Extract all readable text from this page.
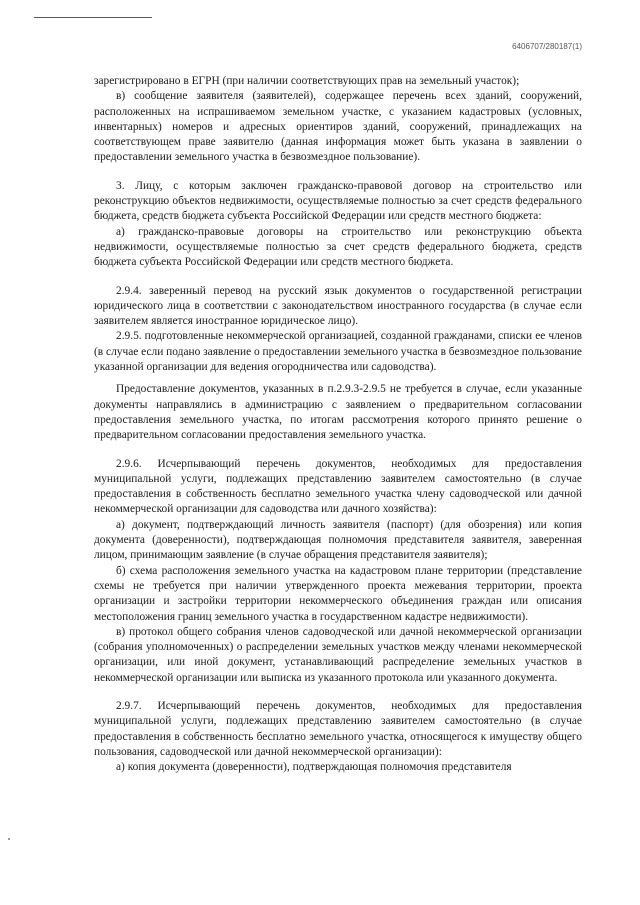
6406707/280187(1)

зарегистрировано в ЕГРН (при наличии соответствующих прав на земельный участок);

в) сообщение заявителя (заявителей), содержащее перечень всех зданий, сооружений, расположенных на испрашиваемом земельном участке, с указанием кадастровых (условных, инвентарных) номеров и адресных ориентиров зданий, сооружений, принадлежащих на соответствующем праве заявителю (данная информация может быть указана в заявлении о предоставлении земельного участка в безвозмездное пользование).

3. Лицу, с которым заключен гражданско-правовой договор на строительство или реконструкцию объектов недвижимости, осуществляемые полностью за счет средств федерального бюджета, средств бюджета субъекта Российской Федерации или средств местного бюджета:

а) гражданско-правовые договоры на строительство или реконструкцию объекта недвижимости, осуществляемые полностью за счет средств федерального бюджета, средств бюджета субъекта Российской Федерации или средств местного бюджета.

2.9.4. заверенный перевод на русский язык документов о государственной регистрации юридического лица в соответствии с законодательством иностранного государства (в случае если заявителем является иностранное юридическое лицо).

2.9.5. подготовленные некоммерческой организацией, созданной гражданами, списки ее членов (в случае если подано заявление о предоставлении земельного участка в безвозмездное пользование указанной организации для ведения огородничества или садоводства).

Предоставление документов, указанных в п.2.9.3-2.9.5 не требуется в случае, если указанные документы направлялись в администрацию с заявлением о предварительном согласовании предоставления земельного участка, по итогам рассмотрения которого принято решение о предварительном согласовании предоставления земельного участка.

2.9.6. Исчерпывающий перечень документов, необходимых для предоставления муниципальной услуги, подлежащих представлению заявителем самостоятельно (в случае предоставления в собственность бесплатно земельного участка члену садоводческой или дачной некоммерческой организации для садоводства или дачного хозяйства):

а) документ, подтверждающий личность заявителя (паспорт) (для обозрения) или копия документа (доверенности), подтверждающая полномочия представителя заявителя, заверенная лицом, принимающим заявление (в случае обращения представителя заявителя);

б) схема расположения земельного участка на кадастровом плане территории (представление схемы не требуется при наличии утвержденного проекта межевания территории, проекта организации и застройки территории некоммерческого объединения граждан или описания местоположения границ земельного участка в государственном кадастре недвижимости).

в) протокол общего собрания членов садоводческой или дачной некоммерческой организации (собрания уполномоченных) о распределении земельных участков между членами некоммерческой организации, или иной документ, устанавливающий распределение земельных участков в некоммерческой организации или выписка из указанного протокола или указанного документа.

2.9.7. Исчерпывающий перечень документов, необходимых для предоставления муниципальной услуги, подлежащих представлению заявителем самостоятельно (в случае предоставления в собственность бесплатно земельного участка, относящегося к имуществу общего пользования, садоводческой или дачной некоммерческой организации):

а) копия документа (доверенности), подтверждающая полномочия представителя
